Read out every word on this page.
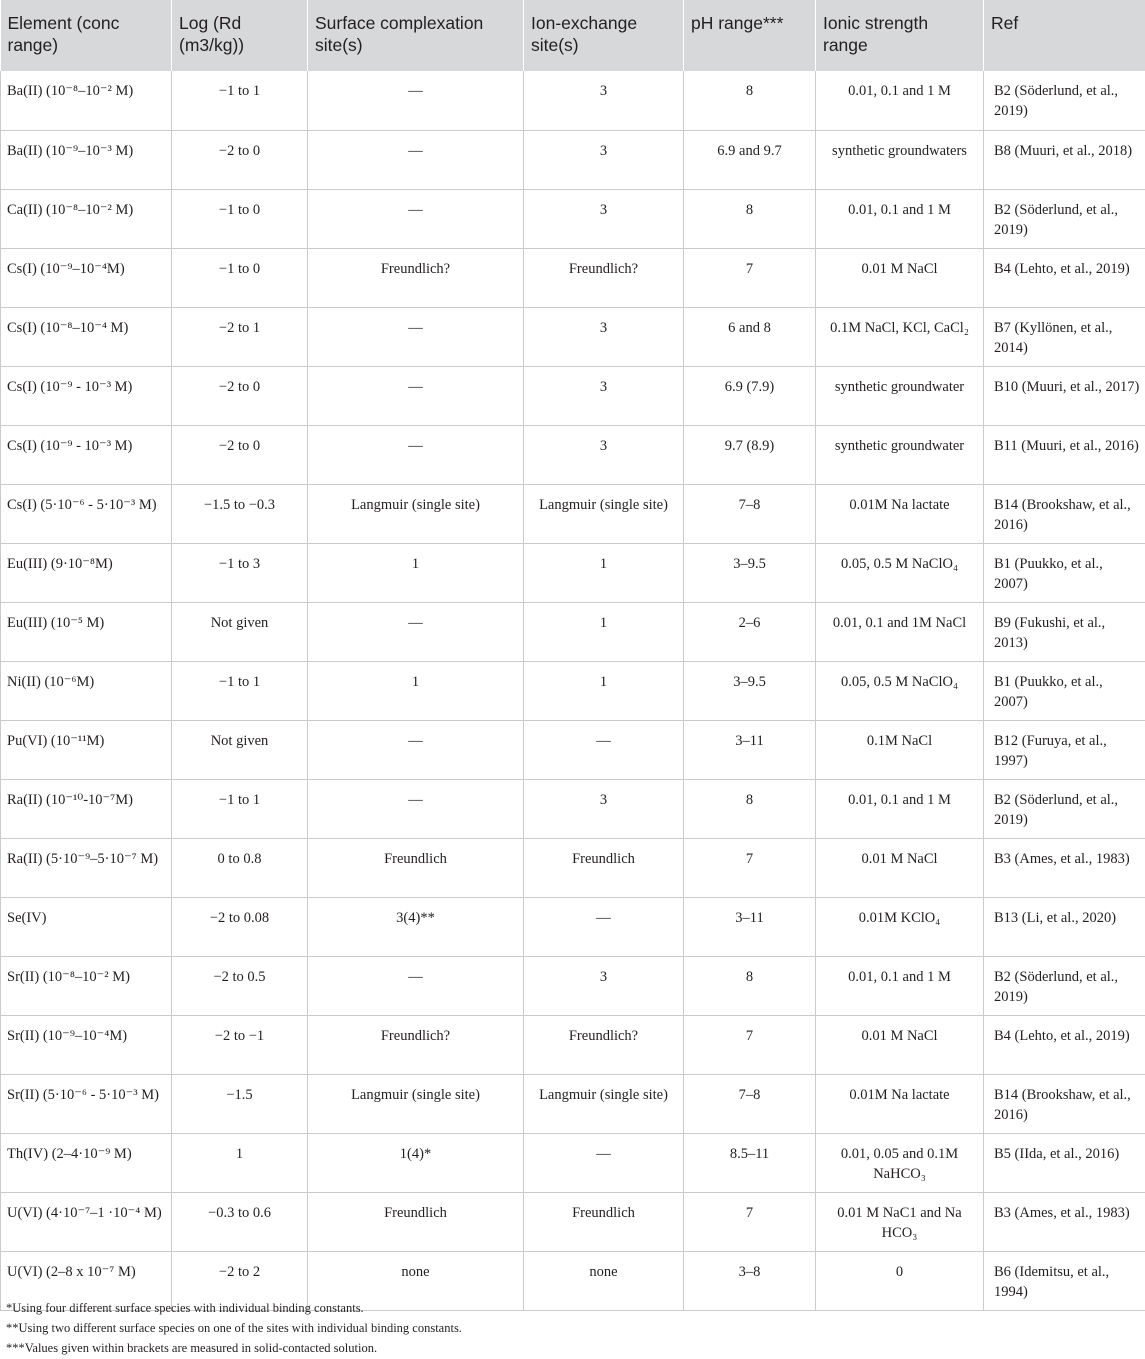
Element (conc range)	Log (Rd (m3/kg))	Surface complexation site(s)	Ion-exchange site(s)	pH range***	Ionic strength range	Ref
Ba(II) (10⁻⁸–10⁻² M)	−1 to 1	—	3	8	0.01, 0.1 and 1 M	B2 (Söderlund, et al., 2019)
Ba(II) (10⁻⁹–10⁻³ M)	−2 to 0	—	3	6.9 and 9.7	synthetic groundwaters	B8 (Muuri, et al., 2018)
Ca(II) (10⁻⁸–10⁻² M)	−1 to 0	—	3	8	0.01, 0.1 and 1 M	B2 (Söderlund, et al., 2019)
Cs(I) (10⁻⁹–10⁻⁴M)	−1 to 0	Freundlich?	Freundlich?	7	0.01 M NaCl	B4 (Lehto, et al., 2019)
Cs(I) (10⁻⁸–10⁻⁴ M)	−2 to 1	—	3	6 and 8	0.1M NaCl, KCl, CaCl₂	B7 (Kyllönen, et al., 2014)
Cs(I) (10⁻⁹ - 10⁻³ M)	−2 to 0	—	3	6.9 (7.9)	synthetic groundwater	B10 (Muuri, et al., 2017)
Cs(I) (10⁻⁹ - 10⁻³ M)	−2 to 0	—	3	9.7 (8.9)	synthetic groundwater	B11 (Muuri, et al., 2016)
Cs(I) (5·10⁻⁶ - 5·10⁻³ M)	−1.5 to −0.3	Langmuir (single site)	Langmuir (single site)	7–8	0.01M Na lactate	B14 (Brookshaw, et al., 2016)
Eu(III) (9·10⁻⁸M)	−1 to 3	1	1	3–9.5	0.05, 0.5 M NaClO₄	B1 (Puukko, et al., 2007)
Eu(III) (10⁻⁵ M)	Not given	—	1	2–6	0.01, 0.1 and 1M NaCl	B9 (Fukushi, et al., 2013)
Ni(II) (10⁻⁶M)	−1 to 1	1	1	3–9.5	0.05, 0.5 M NaClO₄	B1 (Puukko, et al., 2007)
Pu(VI) (10⁻¹¹M)	Not given	—	—	3–11	0.1M NaCl	B12 (Furuya, et al., 1997)
Ra(II) (10⁻¹⁰-10⁻⁷M)	−1 to 1	—	3	8	0.01, 0.1 and 1 M	B2 (Söderlund, et al., 2019)
Ra(II) (5·10⁻⁹–5·10⁻⁷ M)	0 to 0.8	Freundlich	Freundlich	7	0.01 M NaCl	B3 (Ames, et al., 1983)
Se(IV)	−2 to 0.08	3(4)**	—	3–11	0.01M KClO₄	B13 (Li, et al., 2020)
Sr(II) (10⁻⁸–10⁻² M)	−2 to 0.5	—	3	8	0.01, 0.1 and 1 M	B2 (Söderlund, et al., 2019)
Sr(II) (10⁻⁹–10⁻⁴M)	−2 to −1	Freundlich?	Freundlich?	7	0.01 M NaCl	B4 (Lehto, et al., 2019)
Sr(II) (5·10⁻⁶ - 5·10⁻³ M)	−1.5	Langmuir (single site)	Langmuir (single site)	7–8	0.01M Na lactate	B14 (Brookshaw, et al., 2016)
Th(IV) (2–4·10⁻⁹ M)	1	1(4)*	—	8.5–11	0.01, 0.05 and 0.1M NaHCO₃	B5 (IIda, et al., 2016)
U(VI) (4·10⁻⁷–1 ·10⁻⁴ M)	−0.3 to 0.6	Freundlich	Freundlich	7	0.01 M NaC1 and Na HCO₃	B3 (Ames, et al., 1983)
U(VI) (2–8 x 10⁻⁷ M)	−2 to 2	none	none	3–8	0	B6 (Idemitsu, et al., 1994)

*Using four different surface species with individual binding constants.

**Using two different surface species on one of the sites with individual binding constants.

***Values given within brackets are measured in solid-contacted solution.
